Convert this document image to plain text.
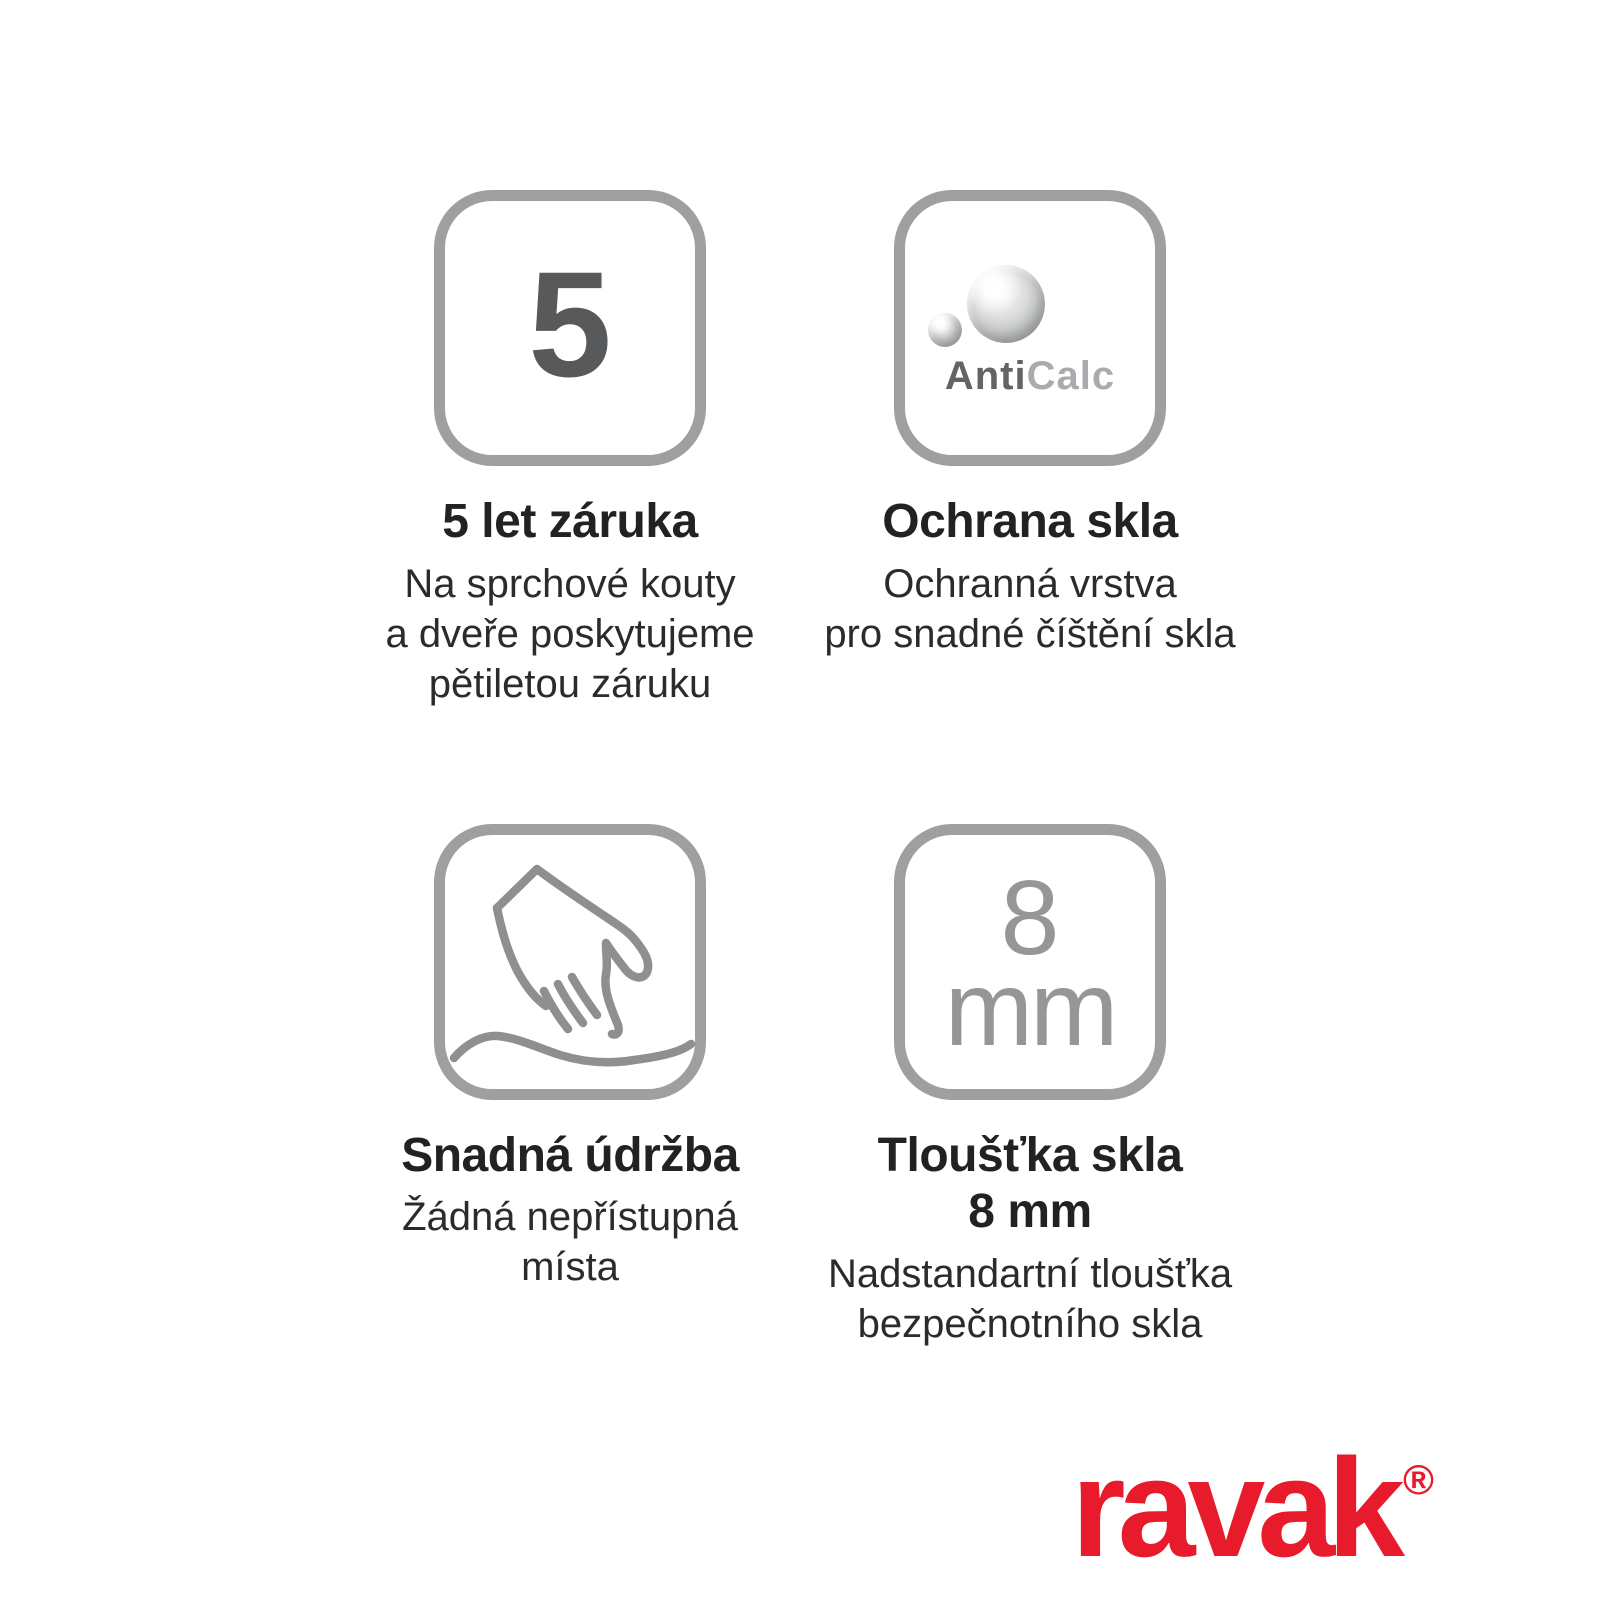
5
5 let záruka

Na sprchové kouty
a dveře poskytujeme
pětiletou záruku

AntiCalc
Ochrana skla

Ochranná vrstva
pro snadné číštění skla

Snadná údržba

Žádná nepřístupná
místa

8
mm
Tloušťka skla
8 mm

Nadstandartní tloušťka
bezpečnotního skla

ravak ®
